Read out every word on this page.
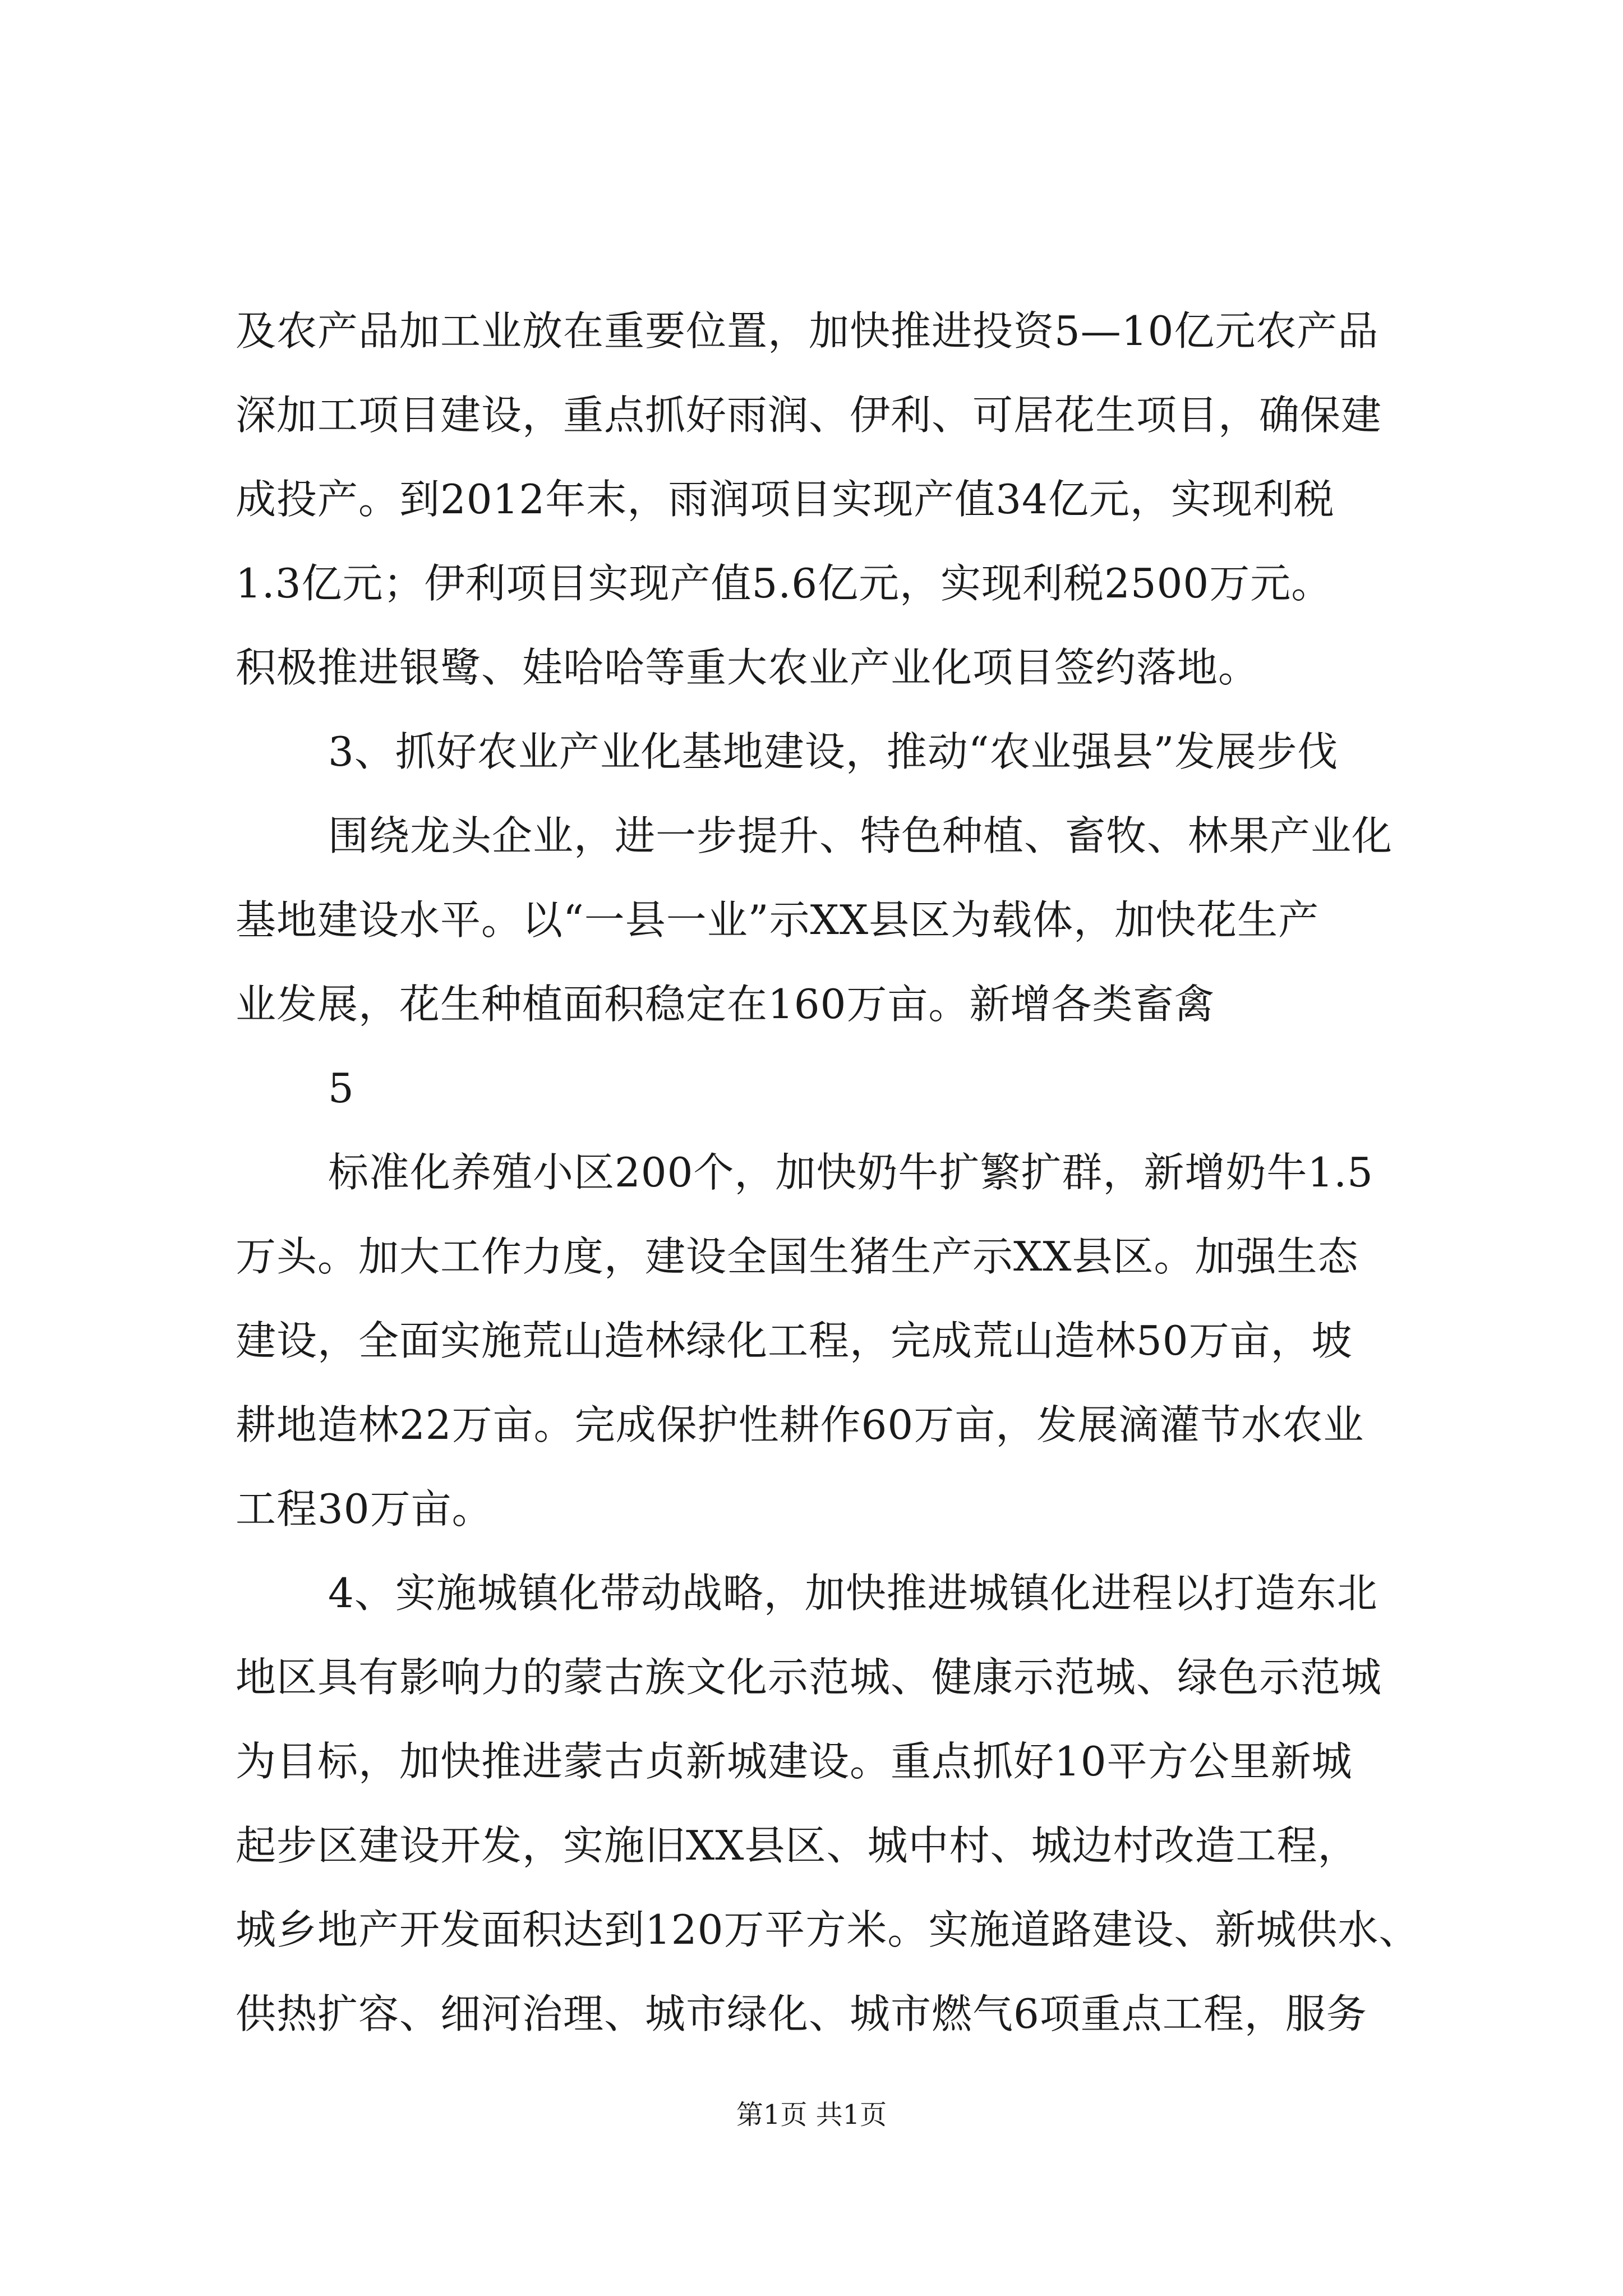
及农产品加工业放在重要位置，加快推进投资5—10亿元农产品
深加工项目建设，重点抓好雨润、伊利、可居花生项目，确保建
成投产。到2012年末，雨润项目实现产值34亿元，实现利税
1.3亿元；伊利项目实现产值5.6亿元，实现利税2500万元。
积极推进银鹭、娃哈哈等重大农业产业化项目签约落地。
3、抓好农业产业化基地建设，推动“农业强县”发展步伐
围绕龙头企业，进一步提升、特色种植、畜牧、林果产业化
基地建设水平。以“一县一业”示XX县区为载体，加快花生产
业发展，花生种植面积稳定在160万亩。新增各类畜禽
5
标准化养殖小区200个，加快奶牛扩繁扩群，新增奶牛1.5
万头。加大工作力度，建设全国生猪生产示XX县区。加强生态
建设，全面实施荒山造林绿化工程，完成荒山造林50万亩，坡
耕地造林22万亩。完成保护性耕作60万亩，发展滴灌节水农业
工程30万亩。
4、实施城镇化带动战略，加快推进城镇化进程以打造东北
地区具有影响力的蒙古族文化示范城、健康示范城、绿色示范城
为目标，加快推进蒙古贞新城建设。重点抓好10平方公里新城
起步区建设开发，实施旧XX县区、城中村、城边村改造工程，
城乡地产开发面积达到120万平方米。实施道路建设、新城供水、
供热扩容、细河治理、城市绿化、城市燃气6项重点工程，服务
第1页 共1页
